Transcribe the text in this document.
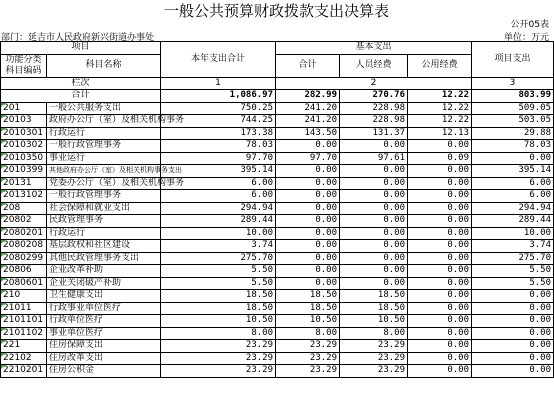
一般公共预算财政拨款支出决算表
公开05表
部门：延吉市人民政府新兴街道办事处	单位：万元
项目		本年支出合计	基本支出			项目支出
功能分类
科目编码	科目名称					
			合计	人员经费	公用经费	
栏次		1	2			3
合计		1,086.97	282.99	270.76	12.22	803.99

201	一般公共服务支出	750.25	241.20	228.98	12.22	509.05

20103	政府办公厅（室）及相关机构事务	744.25	241.20	228.98	12.22	503.05

2010301	行政运行	173.38	143.50	131.37	12.13	29.88

2010302	一般行政管理事务	78.03	0.00	0.00	0.00	78.03

2010350	事业运行	97.70	97.70	97.61	0.09	0.00

2010399	其他政府办公厅（室）及相关机构事务支出	395.14	0.00	0.00	0.00	395.14

20131	党委办公厅（室）及相关机构事务	6.00	0.00	0.00	0.00	6.00

2013102	一般行政管理事务	6.00	0.00	0.00	0.00	6.00

208	社会保障和就业支出	294.94	0.00	0.00	0.00	294.94

20802	民政管理事务	289.44	0.00	0.00	0.00	289.44

2080201	行政运行	10.00	0.00	0.00	0.00	10.00

2080208	基层政权和社区建设	3.74	0.00	0.00	0.00	3.74

2080299	其他民政管理事务支出	275.70	0.00	0.00	0.00	275.70

20806	企业改革补助	5.50	0.00	0.00	0.00	5.50

2080601	企业关闭破产补助	5.50	0.00	0.00	0.00	5.50

210	卫生健康支出	18.50	18.50	18.50	0.00	0.00

21011	行政事业单位医疗	18.50	18.50	18.50	0.00	0.00

2101101	行政单位医疗	10.50	10.50	10.50	0.00	0.00

2101102	事业单位医疗	8.00	8.00	8.00	0.00	0.00

221	住房保障支出	23.29	23.29	23.29	0.00	0.00

22102	住房改革支出	23.29	23.29	23.29	0.00	0.00

2210201	住房公积金	23.29	23.29	23.29	0.00	0.00
